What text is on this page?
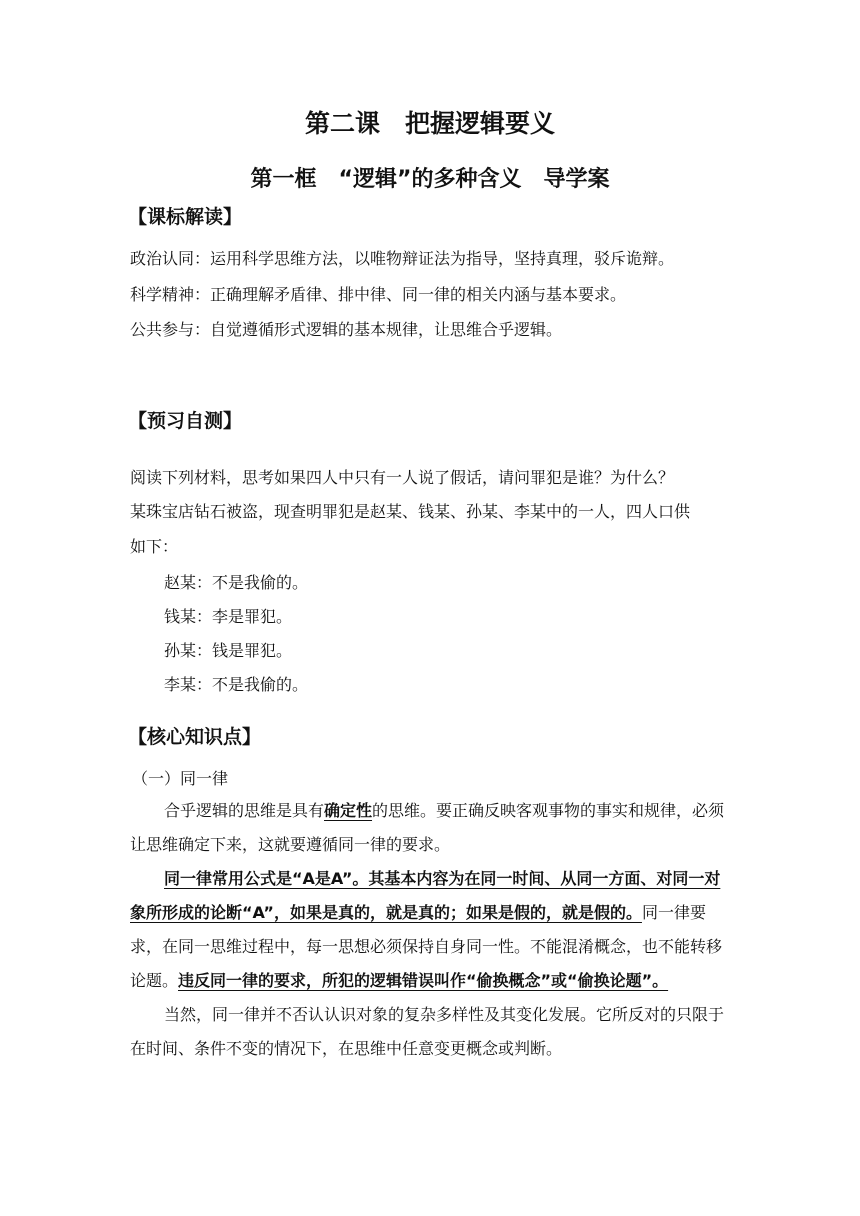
第二课　把握逻辑要义
第一框　“逻辑”的多种含义　导学案
【课标解读】
政治认同：运用科学思维方法，以唯物辩证法为指导，坚持真理，驳斥诡辩。
科学精神：正确理解矛盾律、排中律、同一律的相关内涵与基本要求。
公共参与：自觉遵循形式逻辑的基本规律，让思维合乎逻辑。
【预习自测】
阅读下列材料，思考如果四人中只有一人说了假话，请问罪犯是谁？为什么？
某珠宝店钻石被盗，现查明罪犯是赵某、钱某、孙某、李某中的一人，四人口供
如下：
赵某：不是我偷的。
钱某：李是罪犯。
孙某：钱是罪犯。
李某：不是我偷的。
【核心知识点】
（一）同一律

合乎逻辑的思维是具有确定性的思维。要正确反映客观事物的事实和规律，必须让思维确定下来，这就要遵循同一律的要求。

同一律常用公式是“A是A”。其基本内容为在同一时间、从同一方面、对同一对象所形成的论断“A”，如果是真的，就是真的；如果是假的，就是假的。同一律要求，在同一思维过程中，每一思想必须保持自身同一性。不能混淆概念，也不能转移论题。违反同一律的要求，所犯的逻辑错误叫作“偷换概念”或“偷换论题”。

当然，同一律并不否认认识对象的复杂多样性及其变化发展。它所反对的只限于在时间、条件不变的情况下，在思维中任意变更概念或判断。
